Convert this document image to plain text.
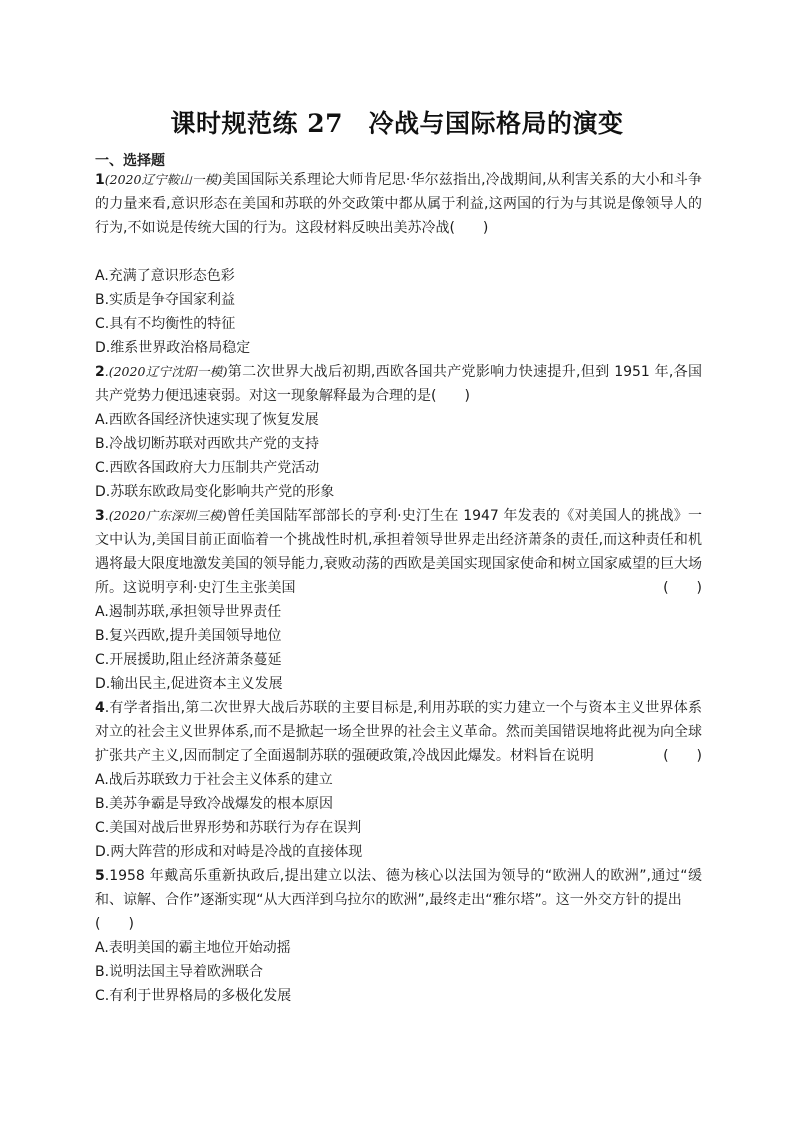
课时规范练 27　冷战与国际格局的演变
一、选择题
1(2020辽宁鞍山一模)美国国际关系理论大师肯尼思·华尔兹指出,冷战期间,从利害关系的大小和斗争的力量来看,意识形态在美国和苏联的外交政策中都从属于利益,这两国的行为与其说是像领导人的行为,不如说是传统大国的行为。这段材料反映出美苏冷战(　　)
A.充满了意识形态色彩
B.实质是争夺国家利益
C.具有不均衡性的特征
D.维系世界政治格局稳定
2.(2020辽宁沈阳一模)第二次世界大战后初期,西欧各国共产党影响力快速提升,但到 1951 年,各国共产党势力便迅速衰弱。对这一现象解释最为合理的是(　　)
A.西欧各国经济快速实现了恢复发展
B.冷战切断苏联对西欧共产党的支持
C.西欧各国政府大力压制共产党活动
D.苏联东欧政局变化影响共产党的形象
3.(2020广东深圳三模)曾任美国陆军部部长的亨利·史汀生在 1947 年发表的《对美国人的挑战》一文中认为,美国目前正面临着一个挑战性时机,承担着领导世界走出经济萧条的责任,而这种责任和机遇将最大限度地激发美国的领导能力,衰败动荡的西欧是美国实现国家使命和树立国家威望的巨大场所。这说明亨利·史汀生主张美国	(　　)
A.遏制苏联,承担领导世界责任
B.复兴西欧,提升美国领导地位
C.开展援助,阻止经济萧条蔓延
D.输出民主,促进资本主义发展
4.有学者指出,第二次世界大战后苏联的主要目标是,利用苏联的实力建立一个与资本主义世界体系对立的社会主义世界体系,而不是掀起一场全世界的社会主义革命。然而美国错误地将此视为向全球扩张共产主义,因而制定了全面遏制苏联的强硬政策,冷战因此爆发。材料旨在说明	(　　)
A.战后苏联致力于社会主义体系的建立
B.美苏争霸是导致冷战爆发的根本原因
C.美国对战后世界形势和苏联行为存在误判
D.两大阵营的形成和对峙是冷战的直接体现
5.1958 年戴高乐重新执政后,提出建立以法、德为核心以法国为领导的“欧洲人的欧洲”,通过“缓和、谅解、合作”逐渐实现“从大西洋到乌拉尔的欧洲”,最终走出“雅尔塔”。这一外交方针的提出
(　　)
A.表明美国的霸主地位开始动摇
B.说明法国主导着欧洲联合
C.有利于世界格局的多极化发展
